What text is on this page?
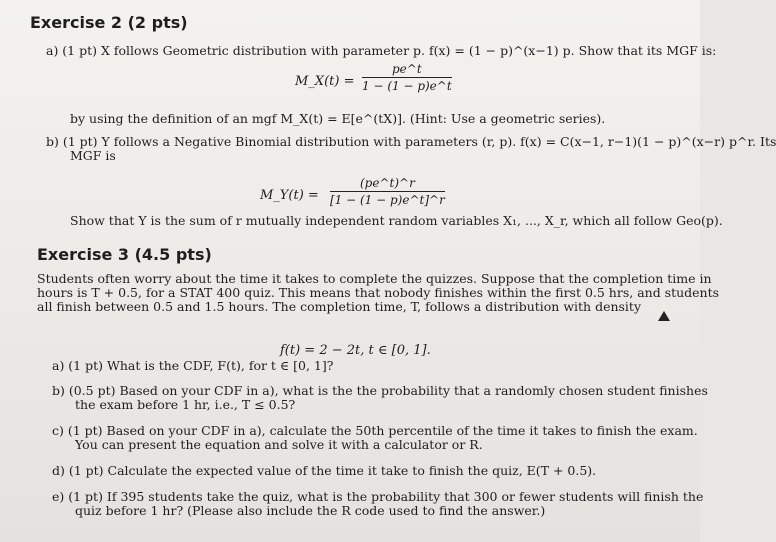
Exercise 2 (2 pts)
a) (1 pt) X follows Geometric distribution with parameter p. f(x) = (1 − p)^(x−1) p. Show that its MGF is:
M_X(t) = $\frac{pe\^{}t}{1 - (1 - p)e\^{}t}$
by using the definition of an mgf M_X(t) = E[e^(tX)]. (Hint: Use a geometric series).
b) (1 pt) Y follows a Negative Binomial distribution with parameters (r, p). f(x) = C(x−1, r−1)(1 − p)^(x−r) p^r. Its
MGF is
M_Y(t) = $\frac{(pe\^{}t)\^{}r}{[1 - (1 - p)e\^{}t]\^{}r}$
Show that Y is the sum of r mutually independent random variables X₁, ..., X_r, which all follow Geo(p).
Exercise 3 (4.5 pts)
Students often worry about the time it takes to complete the quizzes. Suppose that the completion time in
hours is T + 0.5, for a STAT 400 quiz. This means that nobody finishes within the first 0.5 hrs, and students
all finish between 0.5 and 1.5 hours. The completion time, T, follows a distribution with density
f(t) = 2 − 2t, t ∈ [0, 1].
a) (1 pt) What is the CDF, F(t), for t ∈ [0, 1]?
b) (0.5 pt) Based on your CDF in a), what is the the probability that a randomly chosen student finishes
the exam before 1 hr, i.e., T ≤ 0.5?
c) (1 pt) Based on your CDF in a), calculate the 50th percentile of the time it takes to finish the exam.
You can present the equation and solve it with a calculator or R.
d) (1 pt) Calculate the expected value of the time it take to finish the quiz, E(T + 0.5).
e) (1 pt) If 395 students take the quiz, what is the probability that 300 or fewer students will finish the
quiz before 1 hr? (Please also include the R code used to find the answer.)
